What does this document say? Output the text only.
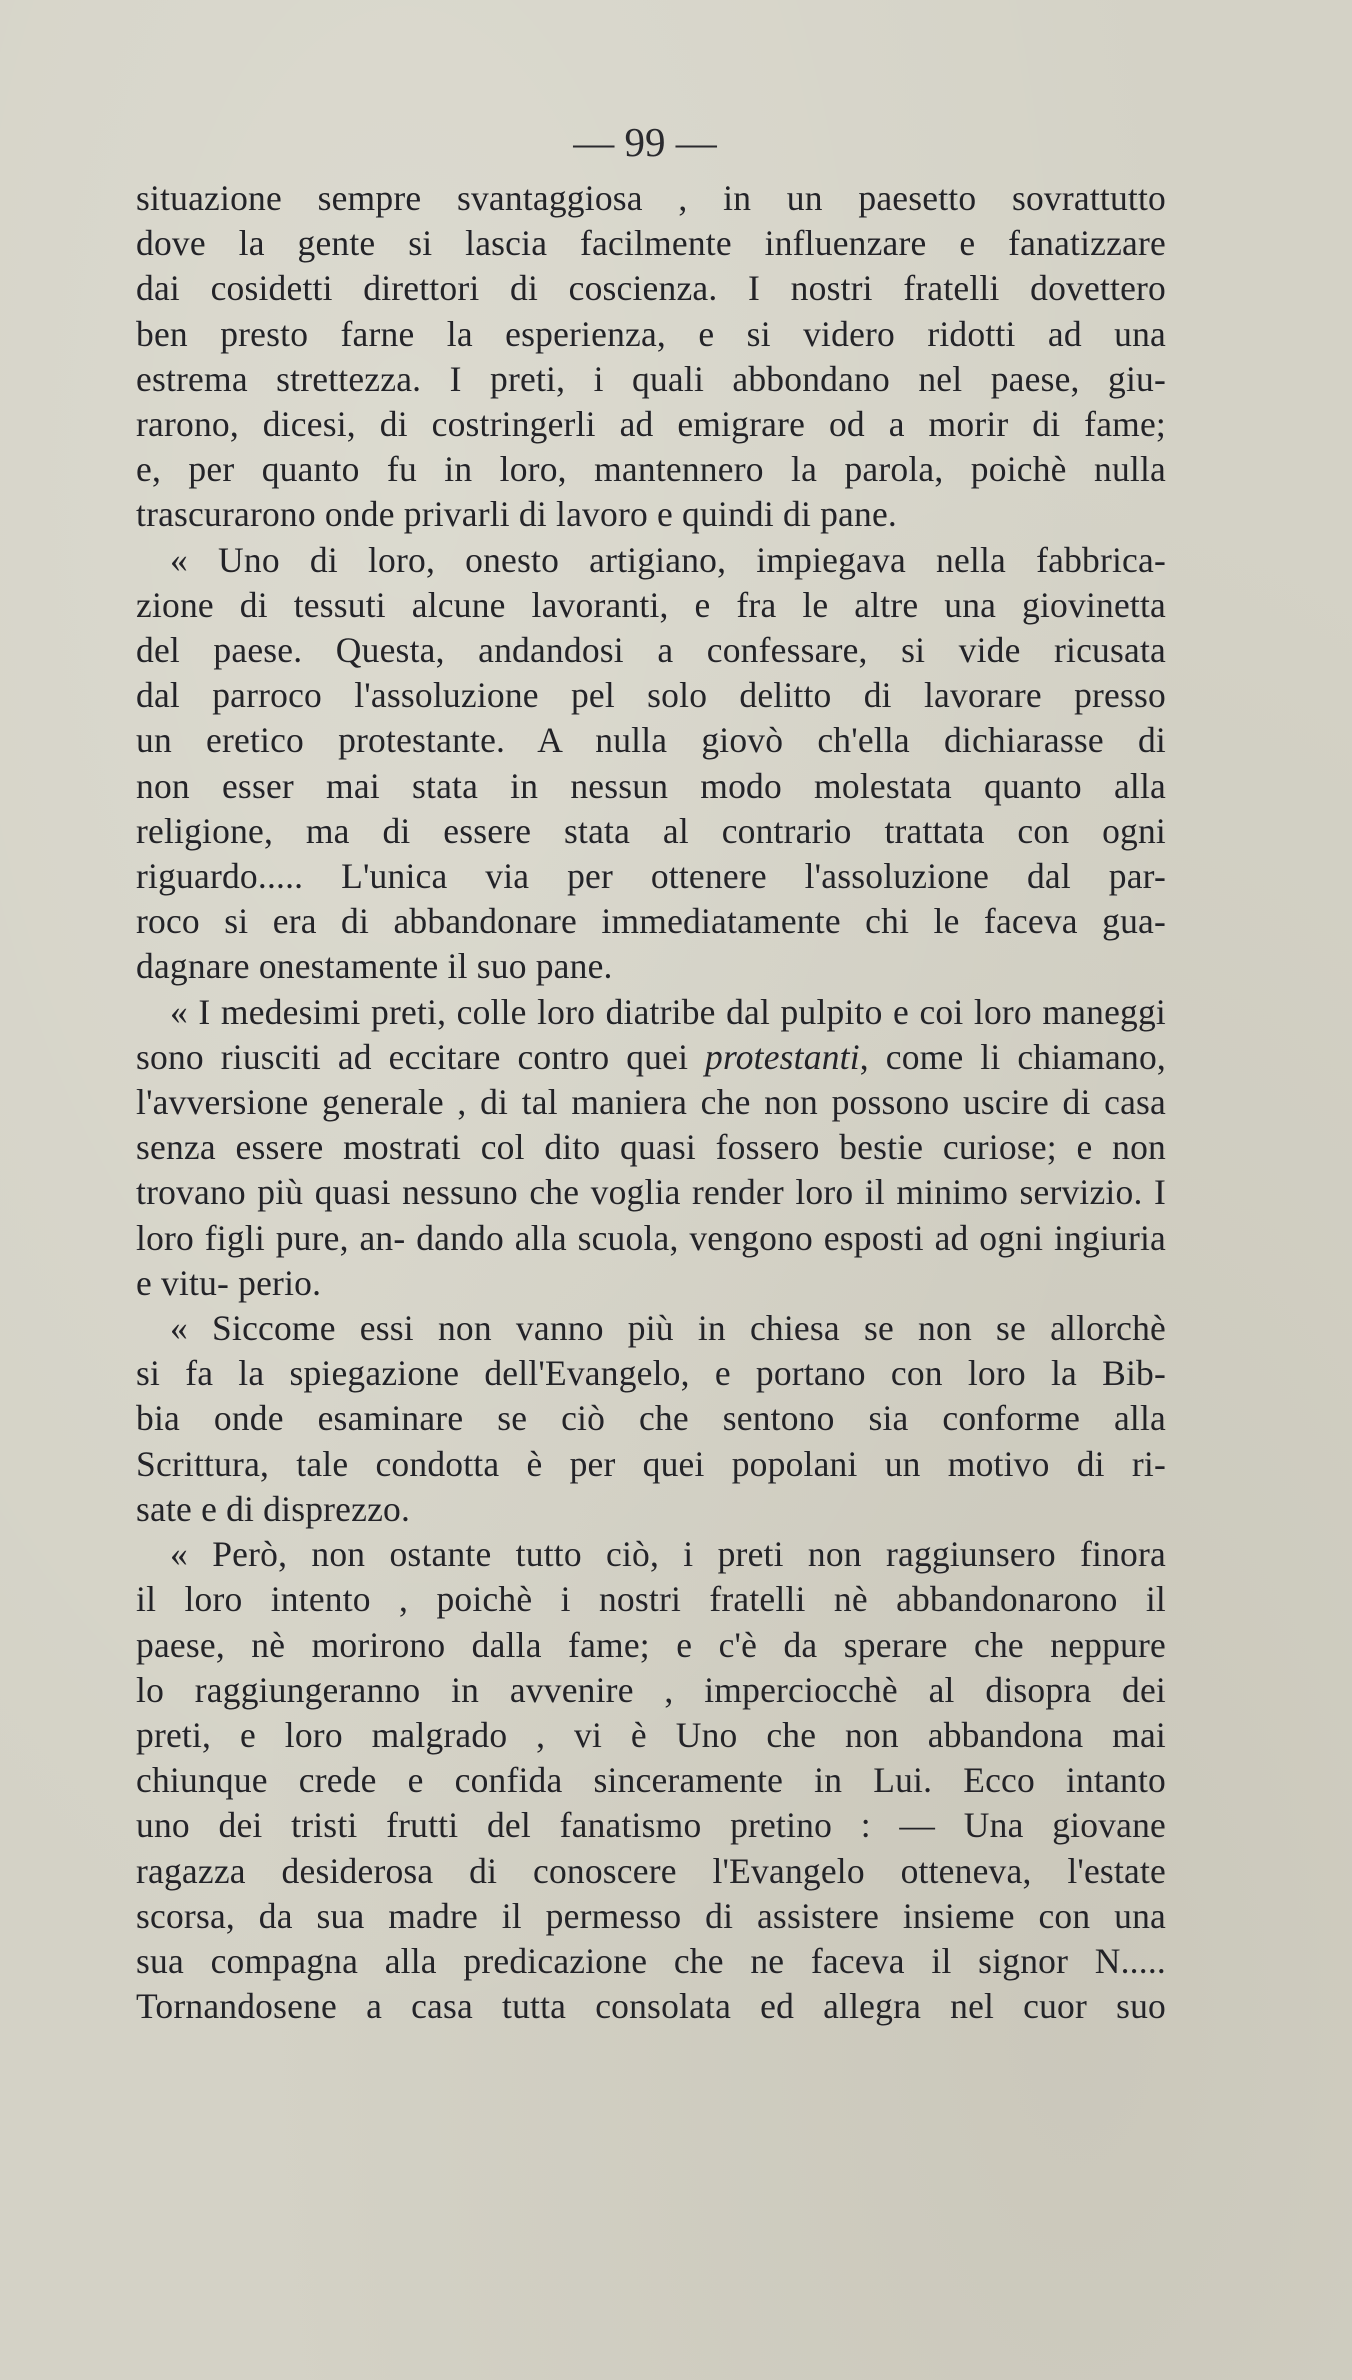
— 99 —

situazione sempre svantaggiosa , in un paesetto sovrattutto

dove la gente si lascia facilmente influenzare e fanatizzare

dai cosidetti direttori di coscienza. I nostri fratelli dovettero

ben presto farne la esperienza, e si videro ridotti ad una

estrema strettezza. I preti, i quali abbondano nel paese, giu-

rarono, dicesi, di costringerli ad emigrare od a morir di fame;

e, per quanto fu in loro, mantennero la parola, poichè nulla

trascurarono onde privarli di lavoro e quindi di pane.

« Uno di loro, onesto artigiano, impiegava nella fabbrica-

zione di tessuti alcune lavoranti, e fra le altre una giovinetta

del paese. Questa, andandosi a confessare, si vide ricusata

dal parroco l'assoluzione pel solo delitto di lavorare presso

un eretico protestante. A nulla giovò ch'ella dichiarasse di

non esser mai stata in nessun modo molestata quanto alla

religione, ma di essere stata al contrario trattata con ogni

riguardo..... L'unica via per ottenere l'assoluzione dal par-

roco si era di abbandonare immediatamente chi le faceva gua-

dagnare onestamente il suo pane.

« I medesimi preti, colle loro diatribe dal pulpito e coi loro maneggi sono riusciti ad eccitare contro quei protestanti, come li chiamano, l'avversione generale , di tal maniera che non possono uscire di casa senza essere mostrati col dito quasi fossero bestie curiose; e non trovano più quasi nessuno che voglia render loro il minimo servizio. I loro figli pure, an- dando alla scuola, vengono esposti ad ogni ingiuria e vitu- perio.

« Siccome essi non vanno più in chiesa se non se allorchè

si fa la spiegazione dell'Evangelo, e portano con loro la Bib-

bia onde esaminare se ciò che sentono sia conforme alla

Scrittura, tale condotta è per quei popolani un motivo di ri-

sate e di disprezzo.

« Però, non ostante tutto ciò, i preti non raggiunsero finora

il loro intento , poichè i nostri fratelli nè abbandonarono il

paese, nè morirono dalla fame; e c'è da sperare che neppure

lo raggiungeranno in avvenire , imperciocchè al disopra dei

preti, e loro malgrado , vi è Uno che non abbandona mai

chiunque crede e confida sinceramente in Lui. Ecco intanto

uno dei tristi frutti del fanatismo pretino : — Una giovane

ragazza desiderosa di conoscere l'Evangelo otteneva, l'estate

scorsa, da sua madre il permesso di assistere insieme con una

sua compagna alla predicazione che ne faceva il signor N.....

Tornandosene a casa tutta consolata ed allegra nel cuor suo
